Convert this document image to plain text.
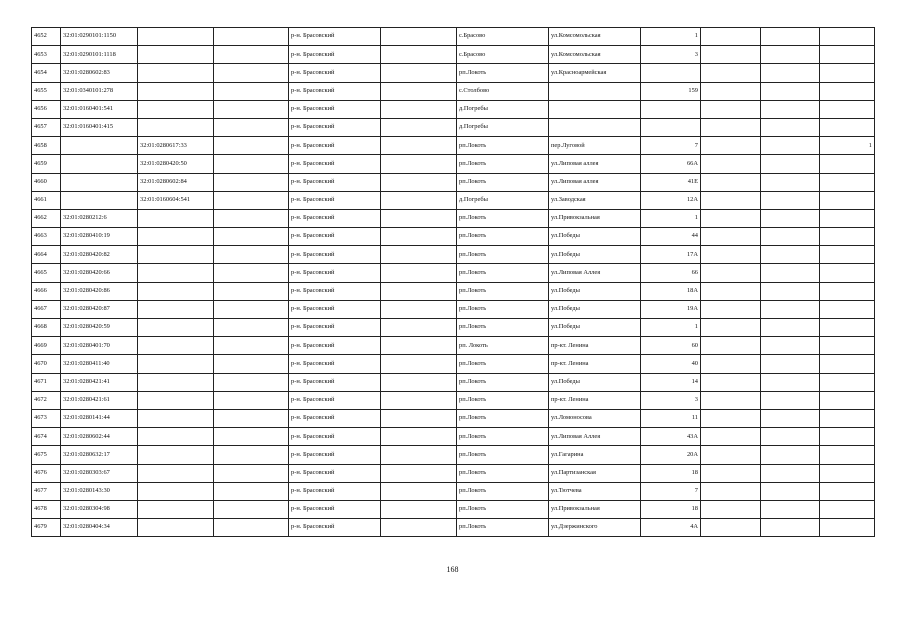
4652	32:01:0290101:1150			р-н. Брасовский		с.Брасово	ул.Комсомольская	1			
4653	32:01:0290101:1118			р-н. Брасовский		с.Брасово	ул.Комсомольская	3			
4654	32:01:0280602:83			р-н. Брасовский		рп.Локоть	ул.Красноармейская				
4655	32:01:0340101:278			р-н. Брасовский		с.Столбово		159			
4656	32:01:0160401:541			р-н. Брасовский		д.Погребы					
4657	32:01:0160401:415			р-н. Брасовский		д.Погребы					
4658		32:01:0280617:33		р-н. Брасовский		рп.Локоть	пер.Луговой	7			1
4659		32:01:0280420:50		р-н. Брасовский		рп.Локоть	ул.Липовая аллея	66А			
4660		32:01:0280602:84		р-н. Брасовский		рп.Локоть	ул.Липовая аллея	41Е			
4661		32:01:0160604:541		р-н. Брасовский		д.Погребы	ул.Заводская	12А			
4662	32:01:0280212:6			р-н. Брасовский		рп.Локоть	ул.Привокзальная	1			
4663	32:01:0280410:19			р-н. Брасовский		рп.Локоть	ул.Победы	44			
4664	32:01:0280420:82			р-н. Брасовский		рп.Локоть	ул.Победы	17А			
4665	32:01:0280420:66			р-н. Брасовский		рп.Локоть	ул.Липовая Аллея	66			
4666	32:01:0280420:86			р-н. Брасовский		рп.Локоть	ул.Победы	18А			
4667	32:01:0280420:87			р-н. Брасовский		рп.Локоть	ул.Победы	19А			
4668	32:01:0280420:59			р-н. Брасовский		рп.Локоть	ул.Победы	1			
4669	32:01:0280401:70			р-н. Брасовский		рп. Локоть	пр-кт. Ленина	60			
4670	32:01:0280411:40			р-н. Брасовский		рп.Локоть	пр-кт. Ленина	40			
4671	32:01:0280421:41			р-н. Брасовский		рп.Локоть	ул.Победы	14			
4672	32:01:0280421:61			р-н. Брасовский		рп.Локоть	пр-кт. Ленина	3			
4673	32:01:0280141:44			р-н. Брасовский		рп.Локоть	ул.Ломоносова	11			
4674	32:01:0280602:44			р-н. Брасовский		рп.Локоть	ул.Липовая Аллея	43А			
4675	32:01:0280632:17			р-н. Брасовский		рп.Локоть	ул.Гагарина	20А			
4676	32:01:0280303:67			р-н. Брасовский		рп.Локоть	ул.Партизанская	18			
4677	32:01:0280143:30			р-н. Брасовский		рп.Локоть	ул.Тютчева	7			
4678	32:01:0280304:98			р-н. Брасовский		рп.Локоть	ул.Привокзальная	18			
4679	32:01:0280404:34			р-н. Брасовский		рп.Локоть	ул.Дзержинского	4А			
168
